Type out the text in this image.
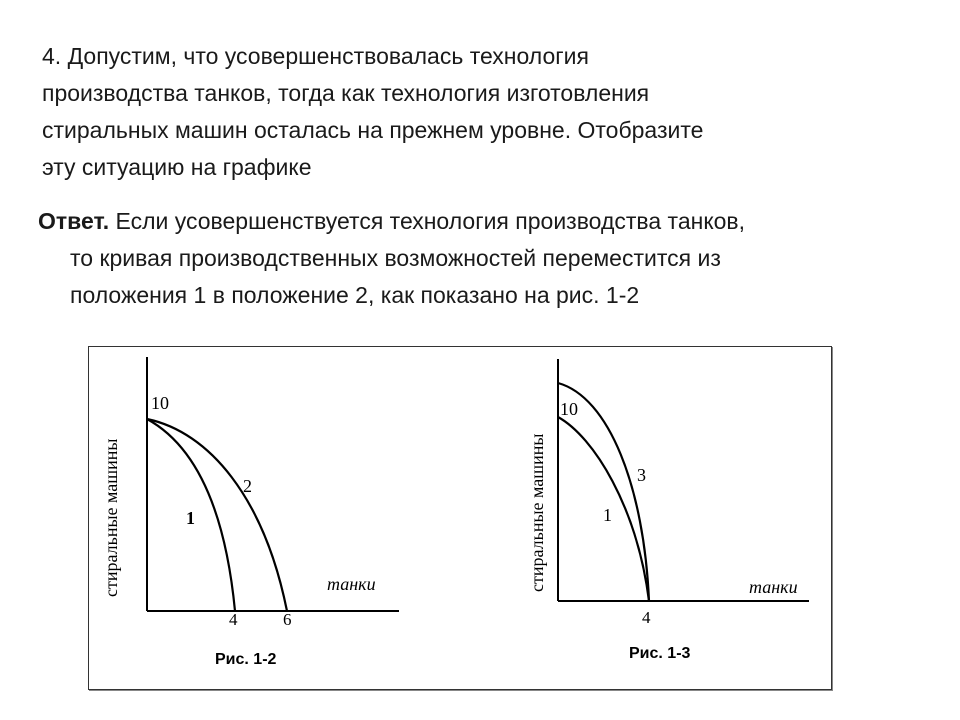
4. Допустим, что усовершенствовалась технология
производства танков, тогда как технология изготовления
стиральных машин осталась на прежнем уровне. Отобразите
эту ситуацию на графике
Ответ. Если усовершенствуется технология производства танков,
то кривая производственных возможностей переместится из
положения 1 в положение 2, как показано на рис. 1-2
стиральные машины
10
танки
4	6
1
2
Рис. 1-2
стиральные машины
10
танки
4
1
3
Рис. 1-3
